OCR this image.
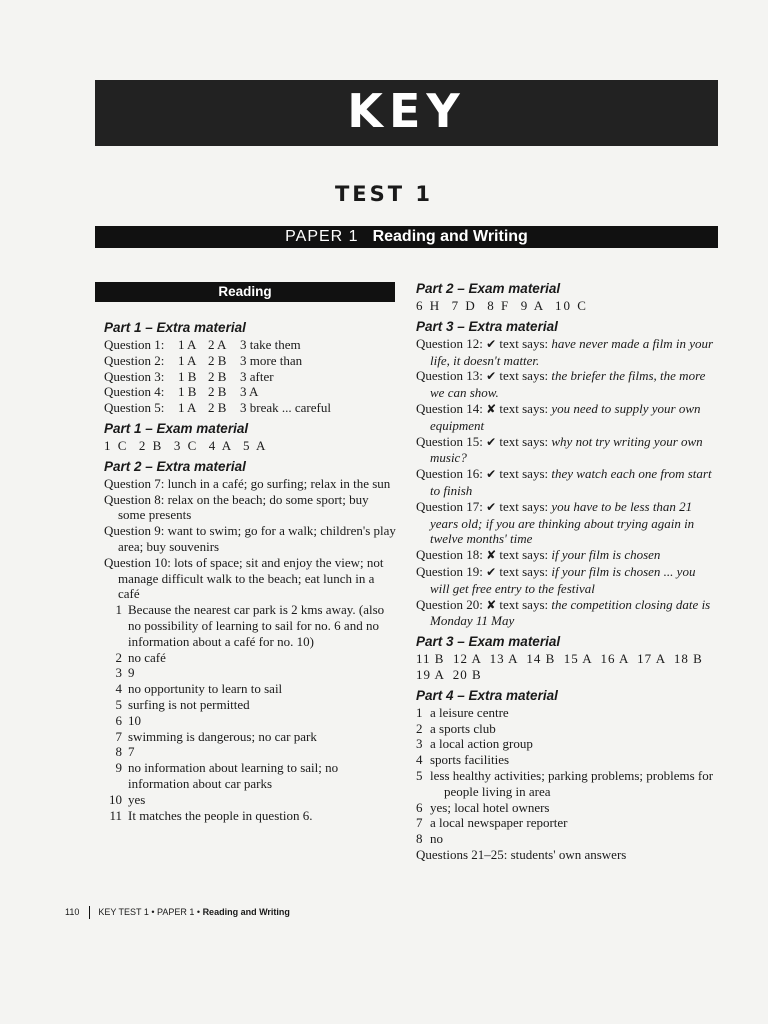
KEY
TEST 1
PAPER 1 Reading and Writing
Reading
Part 1 – Extra material
Question 1: 1 A 2 A 3 take them
Question 2: 1 A 2 B 3 more than
Question 3: 1 B 2 B 3 after
Question 4: 1 B 2 B 3 A
Question 5: 1 A 2 B 3 break ... careful
Part 1 – Exam material
1 C  2 B  3 C  4 A  5 A
Part 2 – Extra material
Question 7: lunch in a café; go surfing; relax in the sun
Question 8: relax on the beach; do some sport; buy some presents
Question 9: want to swim; go for a walk; children's play area; buy souvenirs
Question 10: lots of space; sit and enjoy the view; not manage difficult walk to the beach; eat lunch in a café
1 Because the nearest car park is 2 kms away. (also no possibility of learning to sail for no. 6 and no information about a café for no. 10)
2 no café
3 9
4 no opportunity to learn to sail
5 surfing is not permitted
6 10
7 swimming is dangerous; no car park
8 7
9 no information about learning to sail; no information about car parks
10 yes
11 It matches the people in question 6.
Part 2 – Exam material
6 H  7 D  8 F  9 A  10 C
Part 3 – Extra material
Question 12: ✔ text says: have never made a film in your life, it doesn't matter.
Question 13: ✔ text says: the briefer the films, the more we can show.
Question 14: ✘ text says: you need to supply your own equipment
Question 15: ✔ text says: why not try writing your own music?
Question 16: ✔ text says: they watch each one from start to finish
Question 17: ✔ text says: you have to be less than 21 years old; if you are thinking about trying again in twelve months' time
Question 18: ✘ text says: if your film is chosen
Question 19: ✔ text says: if your film is chosen ... you will get free entry to the festival
Question 20: ✘ text says: the competition closing date is Monday 11 May
Part 3 – Exam material
11 B  12 A  13 A  14 B  15 A  16 A  17 A  18 B  19 A  20 B
Part 4 – Extra material
1 a leisure centre
2 a sports club
3 a local action group
4 sports facilities
5 less healthy activities; parking problems; problems for people living in area
6 yes; local hotel owners
7 a local newspaper reporter
8 no
Questions 21–25: students' own answers
110 KEY TEST 1 • PAPER 1 • Reading and Writing
